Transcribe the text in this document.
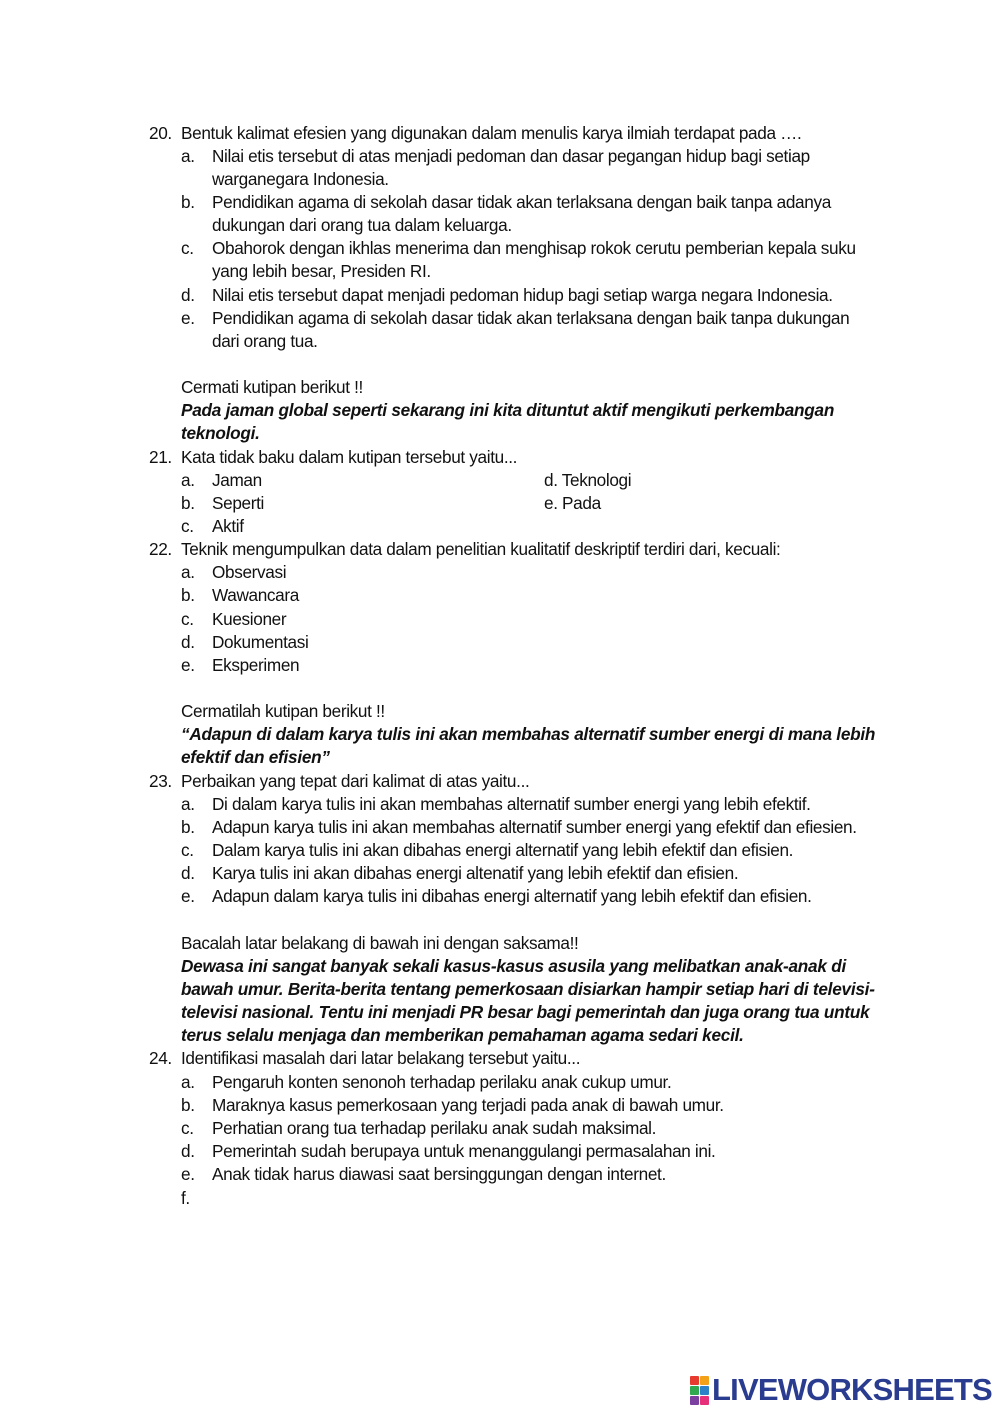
20. Bentuk kalimat efesien yang digunakan dalam menulis karya ilmiah terdapat pada ….
a. Nilai etis tersebut di atas menjadi pedoman dan dasar pegangan hidup bagi setiap
warganegara Indonesia.
b. Pendidikan agama di sekolah dasar tidak akan terlaksana dengan baik tanpa adanya
dukungan dari orang tua dalam keluarga.
c. Obahorok dengan ikhlas menerima dan menghisap rokok cerutu pemberian kepala suku
yang lebih besar, Presiden RI.
d. Nilai etis tersebut dapat menjadi pedoman hidup bagi setiap warga negara Indonesia.
e. Pendidikan agama di sekolah dasar tidak akan terlaksana dengan baik tanpa dukungan
dari orang tua.
Cermati kutipan berikut !!
Pada jaman global seperti sekarang ini kita dituntut aktif mengikuti perkembangan
teknologi.
21. Kata tidak baku dalam kutipan tersebut yaitu...
a. Jaman	d. Teknologi
b. Seperti	e. Pada
c. Aktif
22. Teknik mengumpulkan data dalam penelitian kualitatif deskriptif terdiri dari, kecuali:
a. Observasi
b. Wawancara
c. Kuesioner
d. Dokumentasi
e. Eksperimen
Cermatilah kutipan berikut !!
“Adapun di dalam karya tulis ini akan membahas alternatif sumber energi di mana lebih
efektif dan efisien”
23. Perbaikan yang tepat dari kalimat di atas yaitu...
a. Di dalam karya tulis ini akan membahas alternatif sumber energi yang lebih efektif.
b. Adapun karya tulis ini akan membahas alternatif sumber energi yang efektif dan efiesien.
c. Dalam karya tulis ini akan dibahas energi alternatif yang lebih efektif dan efisien.
d. Karya tulis ini akan dibahas energi altenatif yang lebih efektif dan efisien.
e. Adapun dalam karya tulis ini dibahas energi alternatif yang lebih efektif dan efisien.
Bacalah latar belakang di bawah ini dengan saksama!!
Dewasa ini sangat banyak sekali kasus-kasus asusila yang melibatkan anak-anak di
bawah umur. Berita-berita tentang pemerkosaan disiarkan hampir setiap hari di televisi-
televisi nasional. Tentu ini menjadi PR besar bagi pemerintah dan juga orang tua untuk
terus selalu menjaga dan memberikan pemahaman agama sedari kecil.
24. Identifikasi masalah dari latar belakang tersebut yaitu...
a. Pengaruh konten senonoh terhadap perilaku anak cukup umur.
b. Maraknya kasus pemerkosaan yang terjadi pada anak di bawah umur.
c. Perhatian orang tua terhadap perilaku anak sudah maksimal.
d. Pemerintah sudah berupaya untuk menanggulangi permasalahan ini.
e. Anak tidak harus diawasi saat bersinggungan dengan internet.
f.
LIVEWORKSHEETS
